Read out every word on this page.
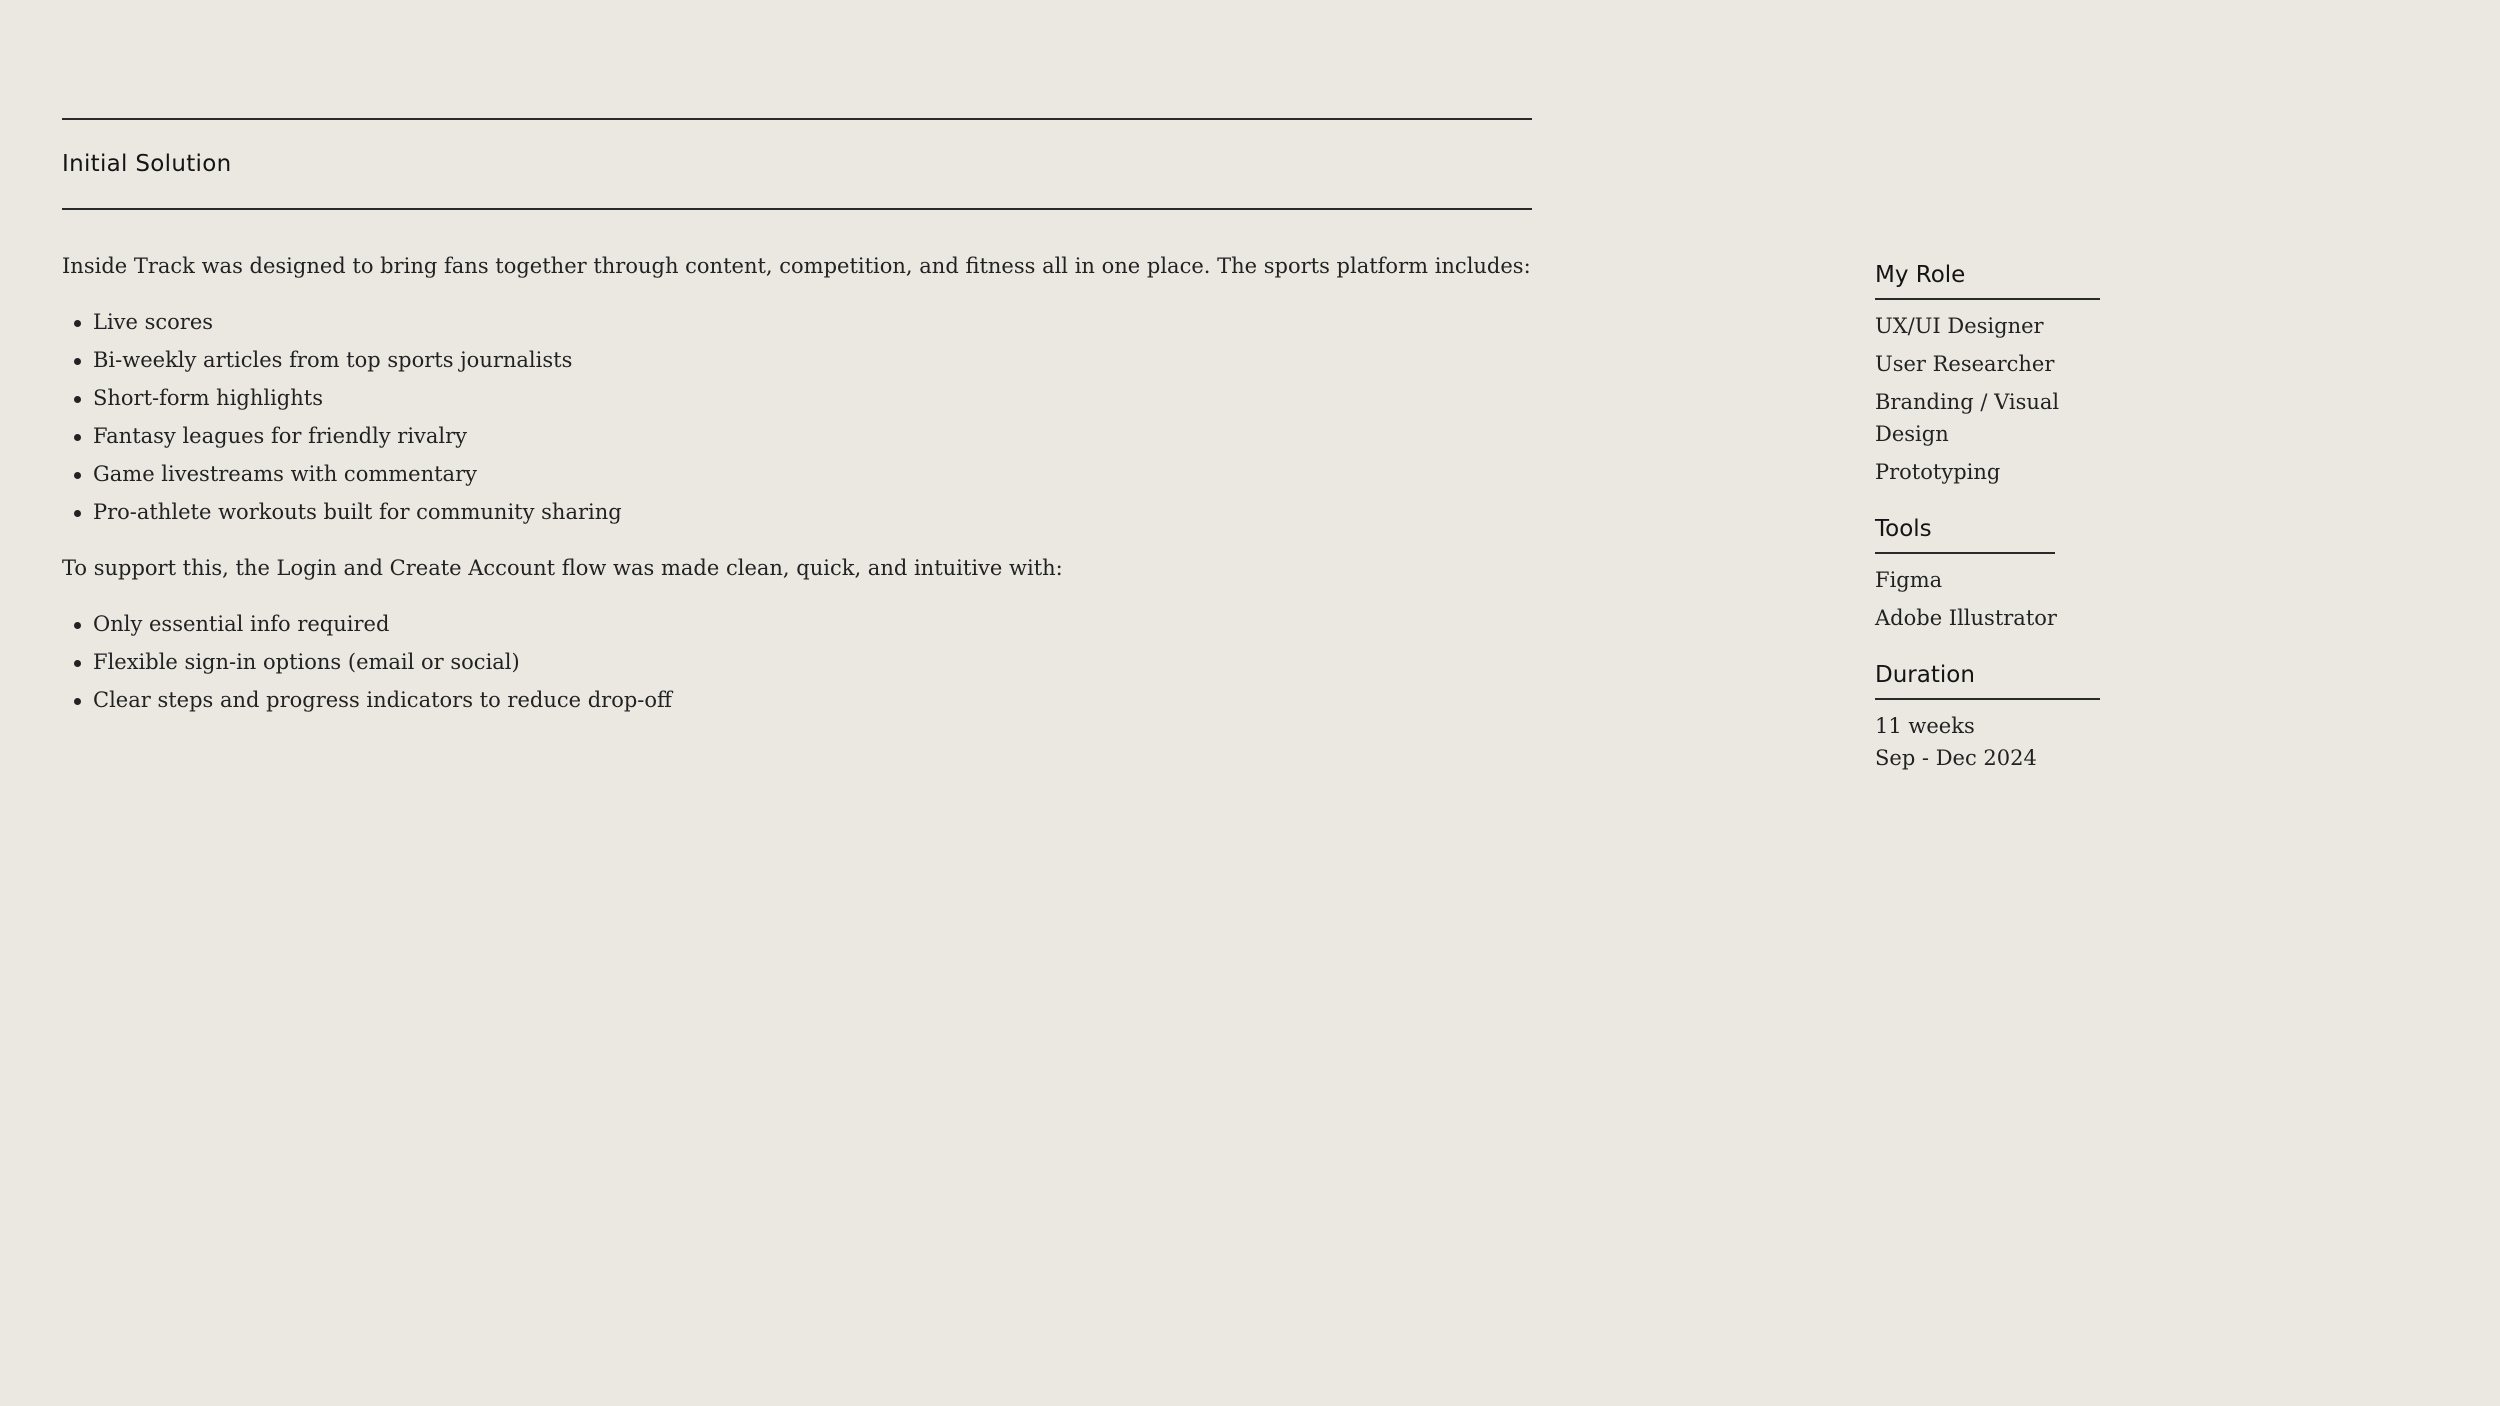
Initial Solution

Inside Track was designed to bring fans together through content, competition, and fitness all in one place. The sports platform includes:

Live scores
Bi-weekly articles from top sports journalists
Short-form highlights
Fantasy leagues for friendly rivalry
Game livestreams with commentary
Pro-athlete workouts built for community sharing

To support this, the Login and Create Account flow was made clean, quick, and intuitive with:

Only essential info required
Flexible sign-in options (email or social)
Clear steps and progress indicators to reduce drop-off
My Role
UX/UI Designer
User Researcher
Branding / Visual Design
Prototyping
Tools
Figma
Adobe Illustrator
Duration
11 weeks
Sep - Dec 2024
